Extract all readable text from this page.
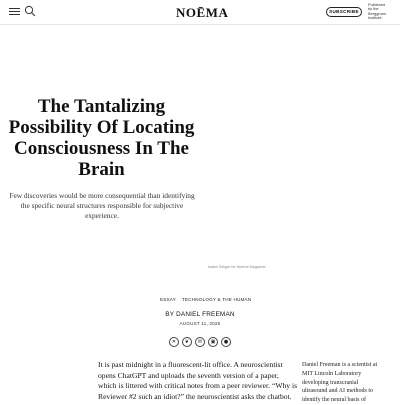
NOĒMA	SUBSCRIBE
Published
by the
Berggruen
Institute
The Tantalizing
Possibility Of Locating
Consciousness In The
Brain

Few discoveries would be more consequential than identifying
the specific neural structures responsible for subjective
experience.

Isabel Seliger for Noema Magazine
ESSAY TECHNOLOGY & THE HUMAN
BY DANIEL FREEMAN
AUGUST 11, 2025
✕	❦	✉	▣	●
It is past midnight in a fluorescent-lit office. A neuroscientist
opens ChatGPT and uploads the seventh version of a paper,
which is littered with critical notes from a peer reviewer. “Why is
Reviewer #2 such an idiot?” the neuroscientist asks the chatbot.
Daniel Freeman is a scientist at
MIT Lincoln Laboratory
developing transcranial
ultrasound and AI methods to
identify the neural basis of
